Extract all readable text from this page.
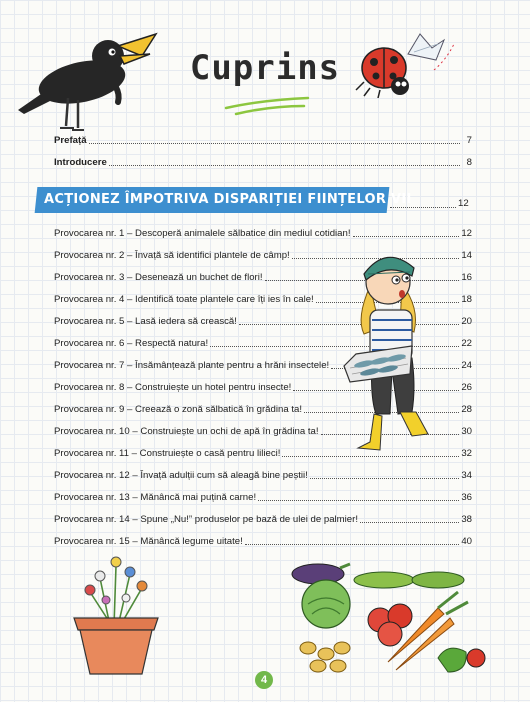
Cuprins
Prefață	7
Introducere	8
ACȚIONEZ ÎMPOTRIVA DISPARIȚIEI FIINȚELOR VII	12
Provocarea nr. 1 – Descoperă animalele sălbatice din mediul cotidian!	12
Provocarea nr. 2 – Învață să identifici plantele de câmp!	14
Provocarea nr. 3 – Desenează un buchet de flori!	16
Provocarea nr. 4 – Identifică toate plantele care îți ies în cale!	18
Provocarea nr. 5 – Lasă iedera să crească!	20
Provocarea nr. 6 – Respectă natura!	22
Provocarea nr. 7 – Însămânțează plante pentru a hrăni insectele!	24
Provocarea nr. 8 – Construiește un hotel pentru insecte!	26
Provocarea nr. 9 – Creează o zonă sălbatică în grădina ta!	28
Provocarea nr. 10 – Construiește un ochi de apă în grădina ta!	30
Provocarea nr. 11 – Construiește o casă pentru lilieci!	32
Provocarea nr. 12 – Învață adulții cum să aleagă bine peștii!	34
Provocarea nr. 13 – Mănâncă mai puțină carne!	36
Provocarea nr. 14 – Spune „Nu!” produselor pe bază de ulei de palmier!	38
Provocarea nr. 15 – Mănâncă legume uitate!	40
4
